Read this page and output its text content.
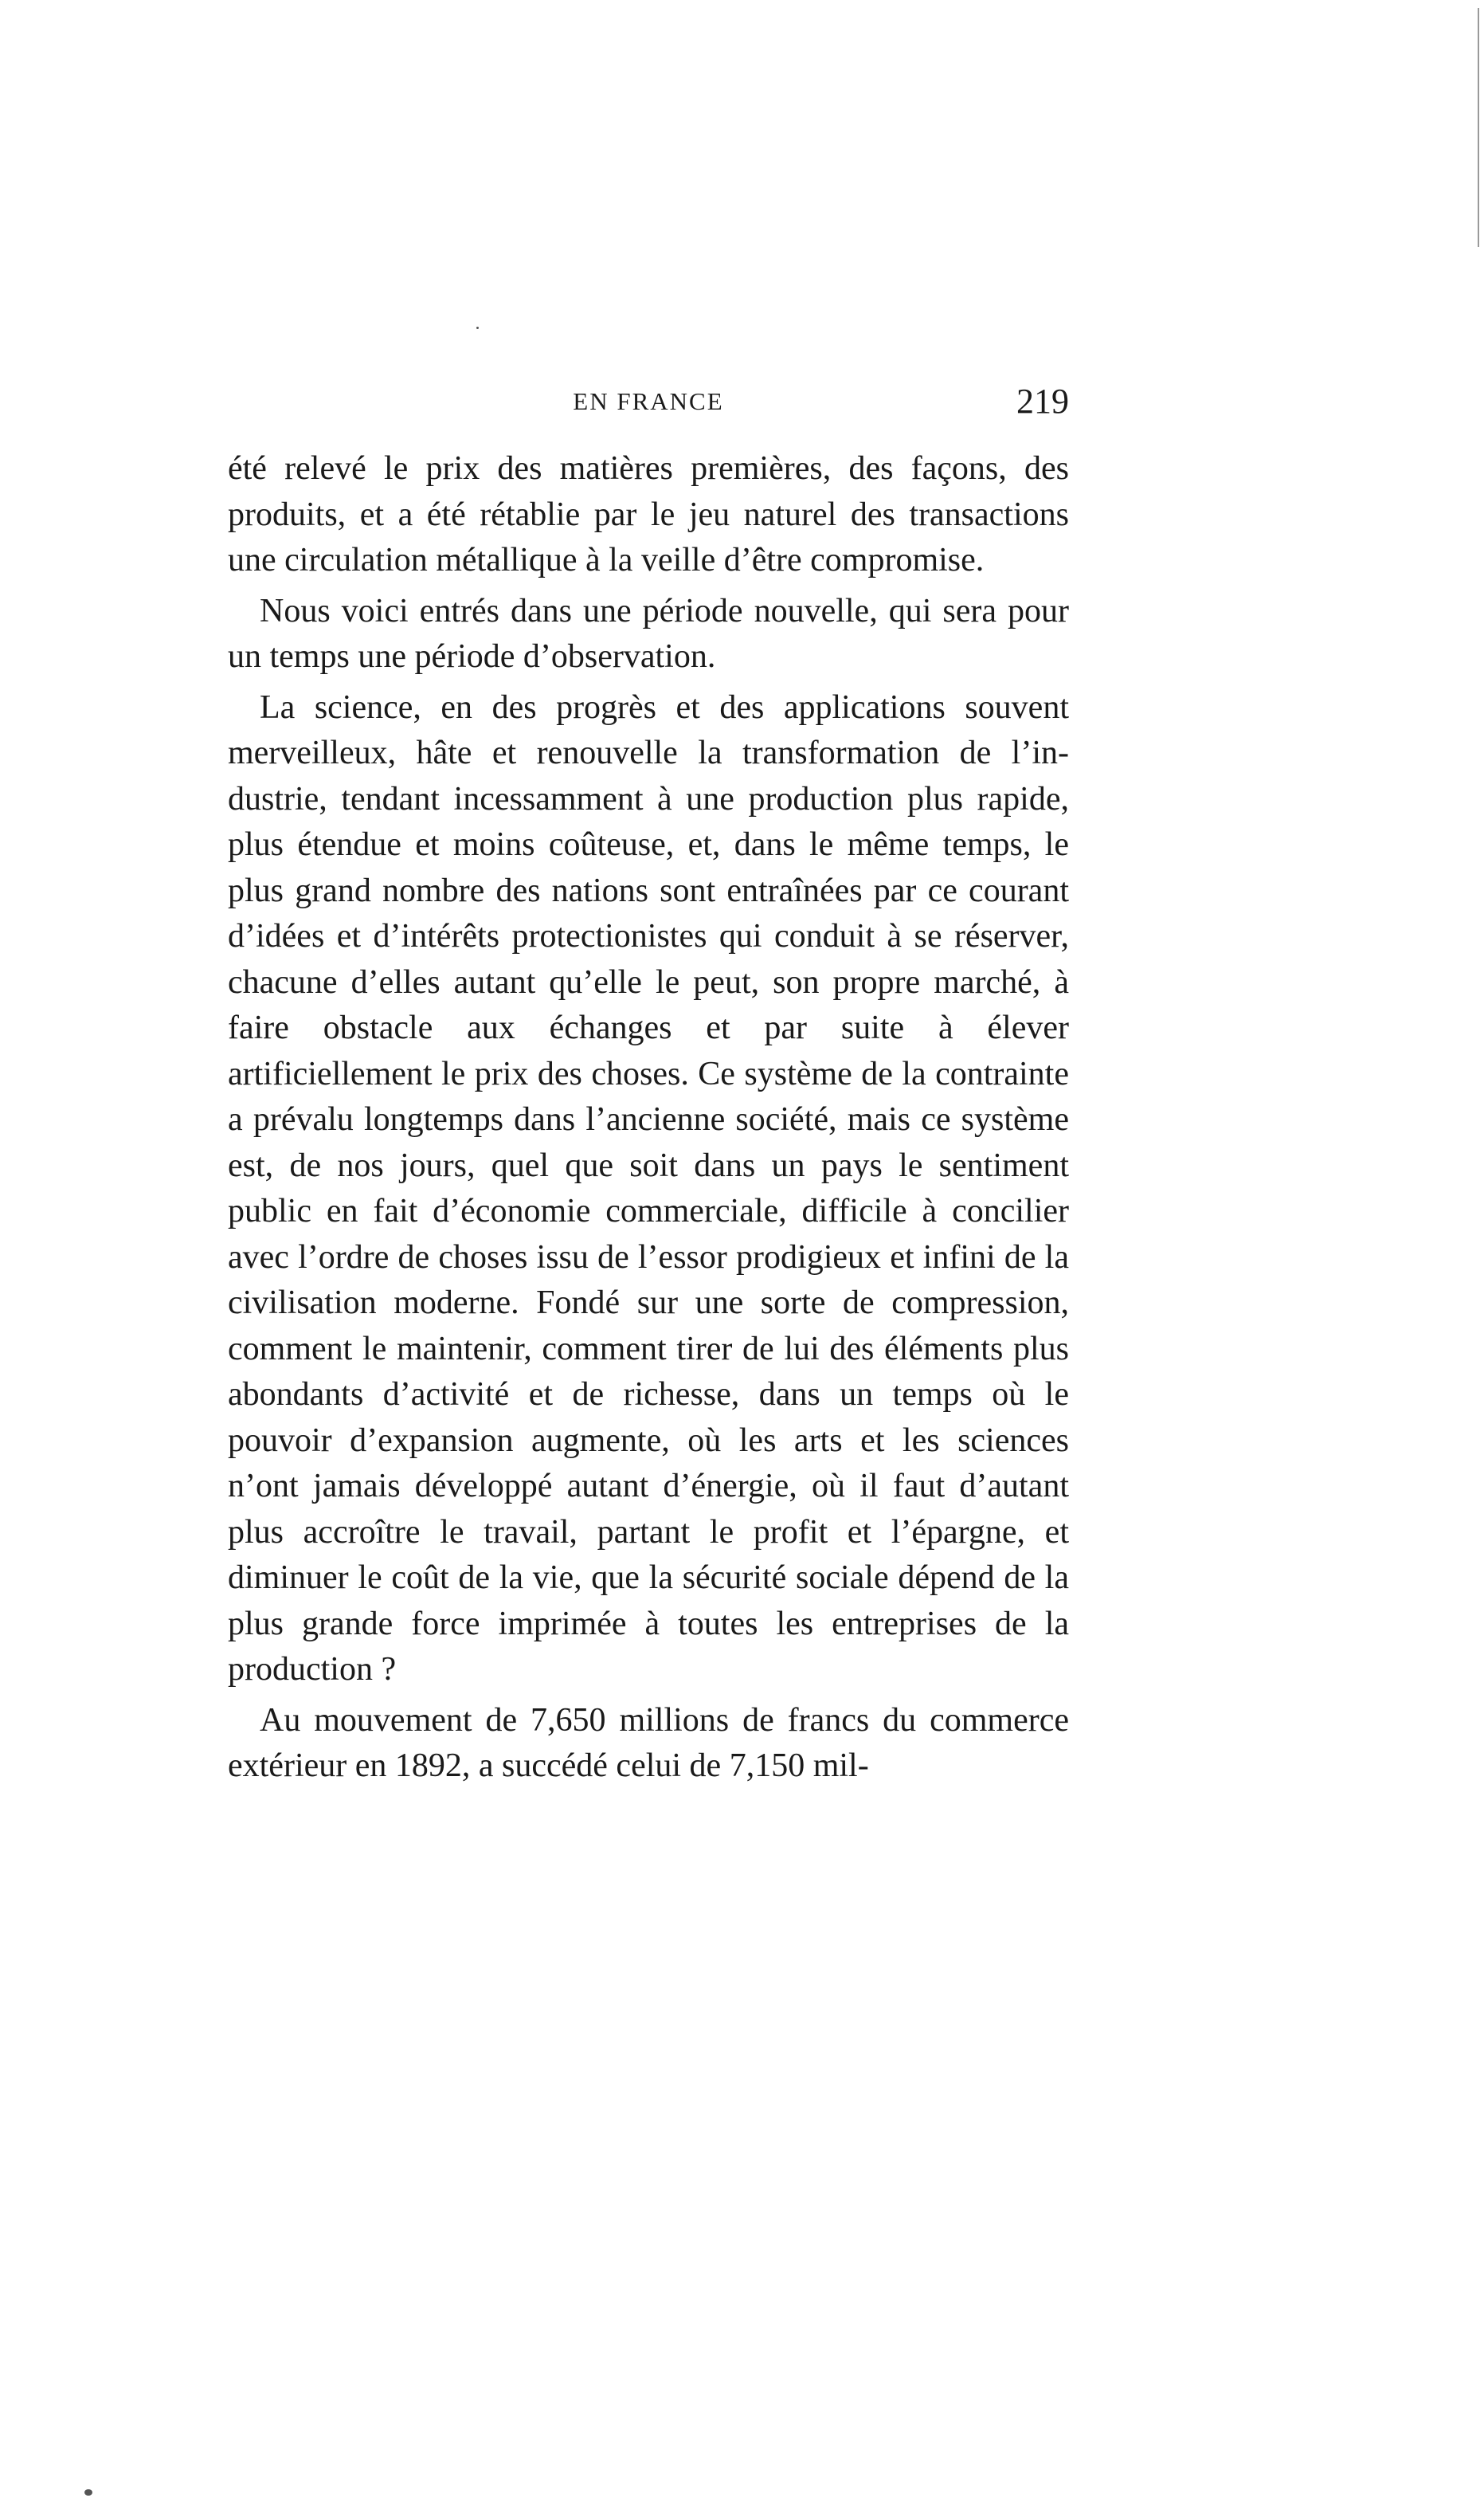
EN FRANCE	219

été relevé le prix des matières premières, des façons, des produits, et a été rétablie par le jeu naturel des transactions une circulation métallique à la veille d’être compromise.

Nous voici entrés dans une période nouvelle, qui sera pour un temps une période d’observation.

La science, en des progrès et des applications souvent merveilleux, hâte et renouvelle la transformation de l’industrie, tendant incessamment à une production plus rapide, plus étendue et moins coûteuse, et, dans le même temps, le plus grand nombre des nations sont entraînées par ce courant d’idées et d’intérêts protectionistes qui conduit à se réserver, chacune d’elles autant qu’elle le peut, son propre marché, à faire obstacle aux échanges et par suite à élever artificiellement le prix des choses. Ce système de la contrainte a prévalu longtemps dans l’ancienne société, mais ce système est, de nos jours, quel que soit dans un pays le sentiment public en fait d’économie commerciale, difficile à concilier avec l’ordre de choses issu de l’essor prodigieux et infini de la civilisation moderne. Fondé sur une sorte de compression, comment le maintenir, comment tirer de lui des éléments plus abondants d’activité et de richesse, dans un temps où le pouvoir d’expansion augmente, où les arts et les sciences n’ont jamais développé autant d’énergie, où il faut d’autant plus accroître le travail, partant le profit et l’épargne, et diminuer le coût de la vie, que la sécurité sociale dépend de la plus grande force imprimée à toutes les entreprises de la production ?

Au mouvement de 7,650 millions de francs du commerce extérieur en 1892, a succédé celui de 7,150 mil-
